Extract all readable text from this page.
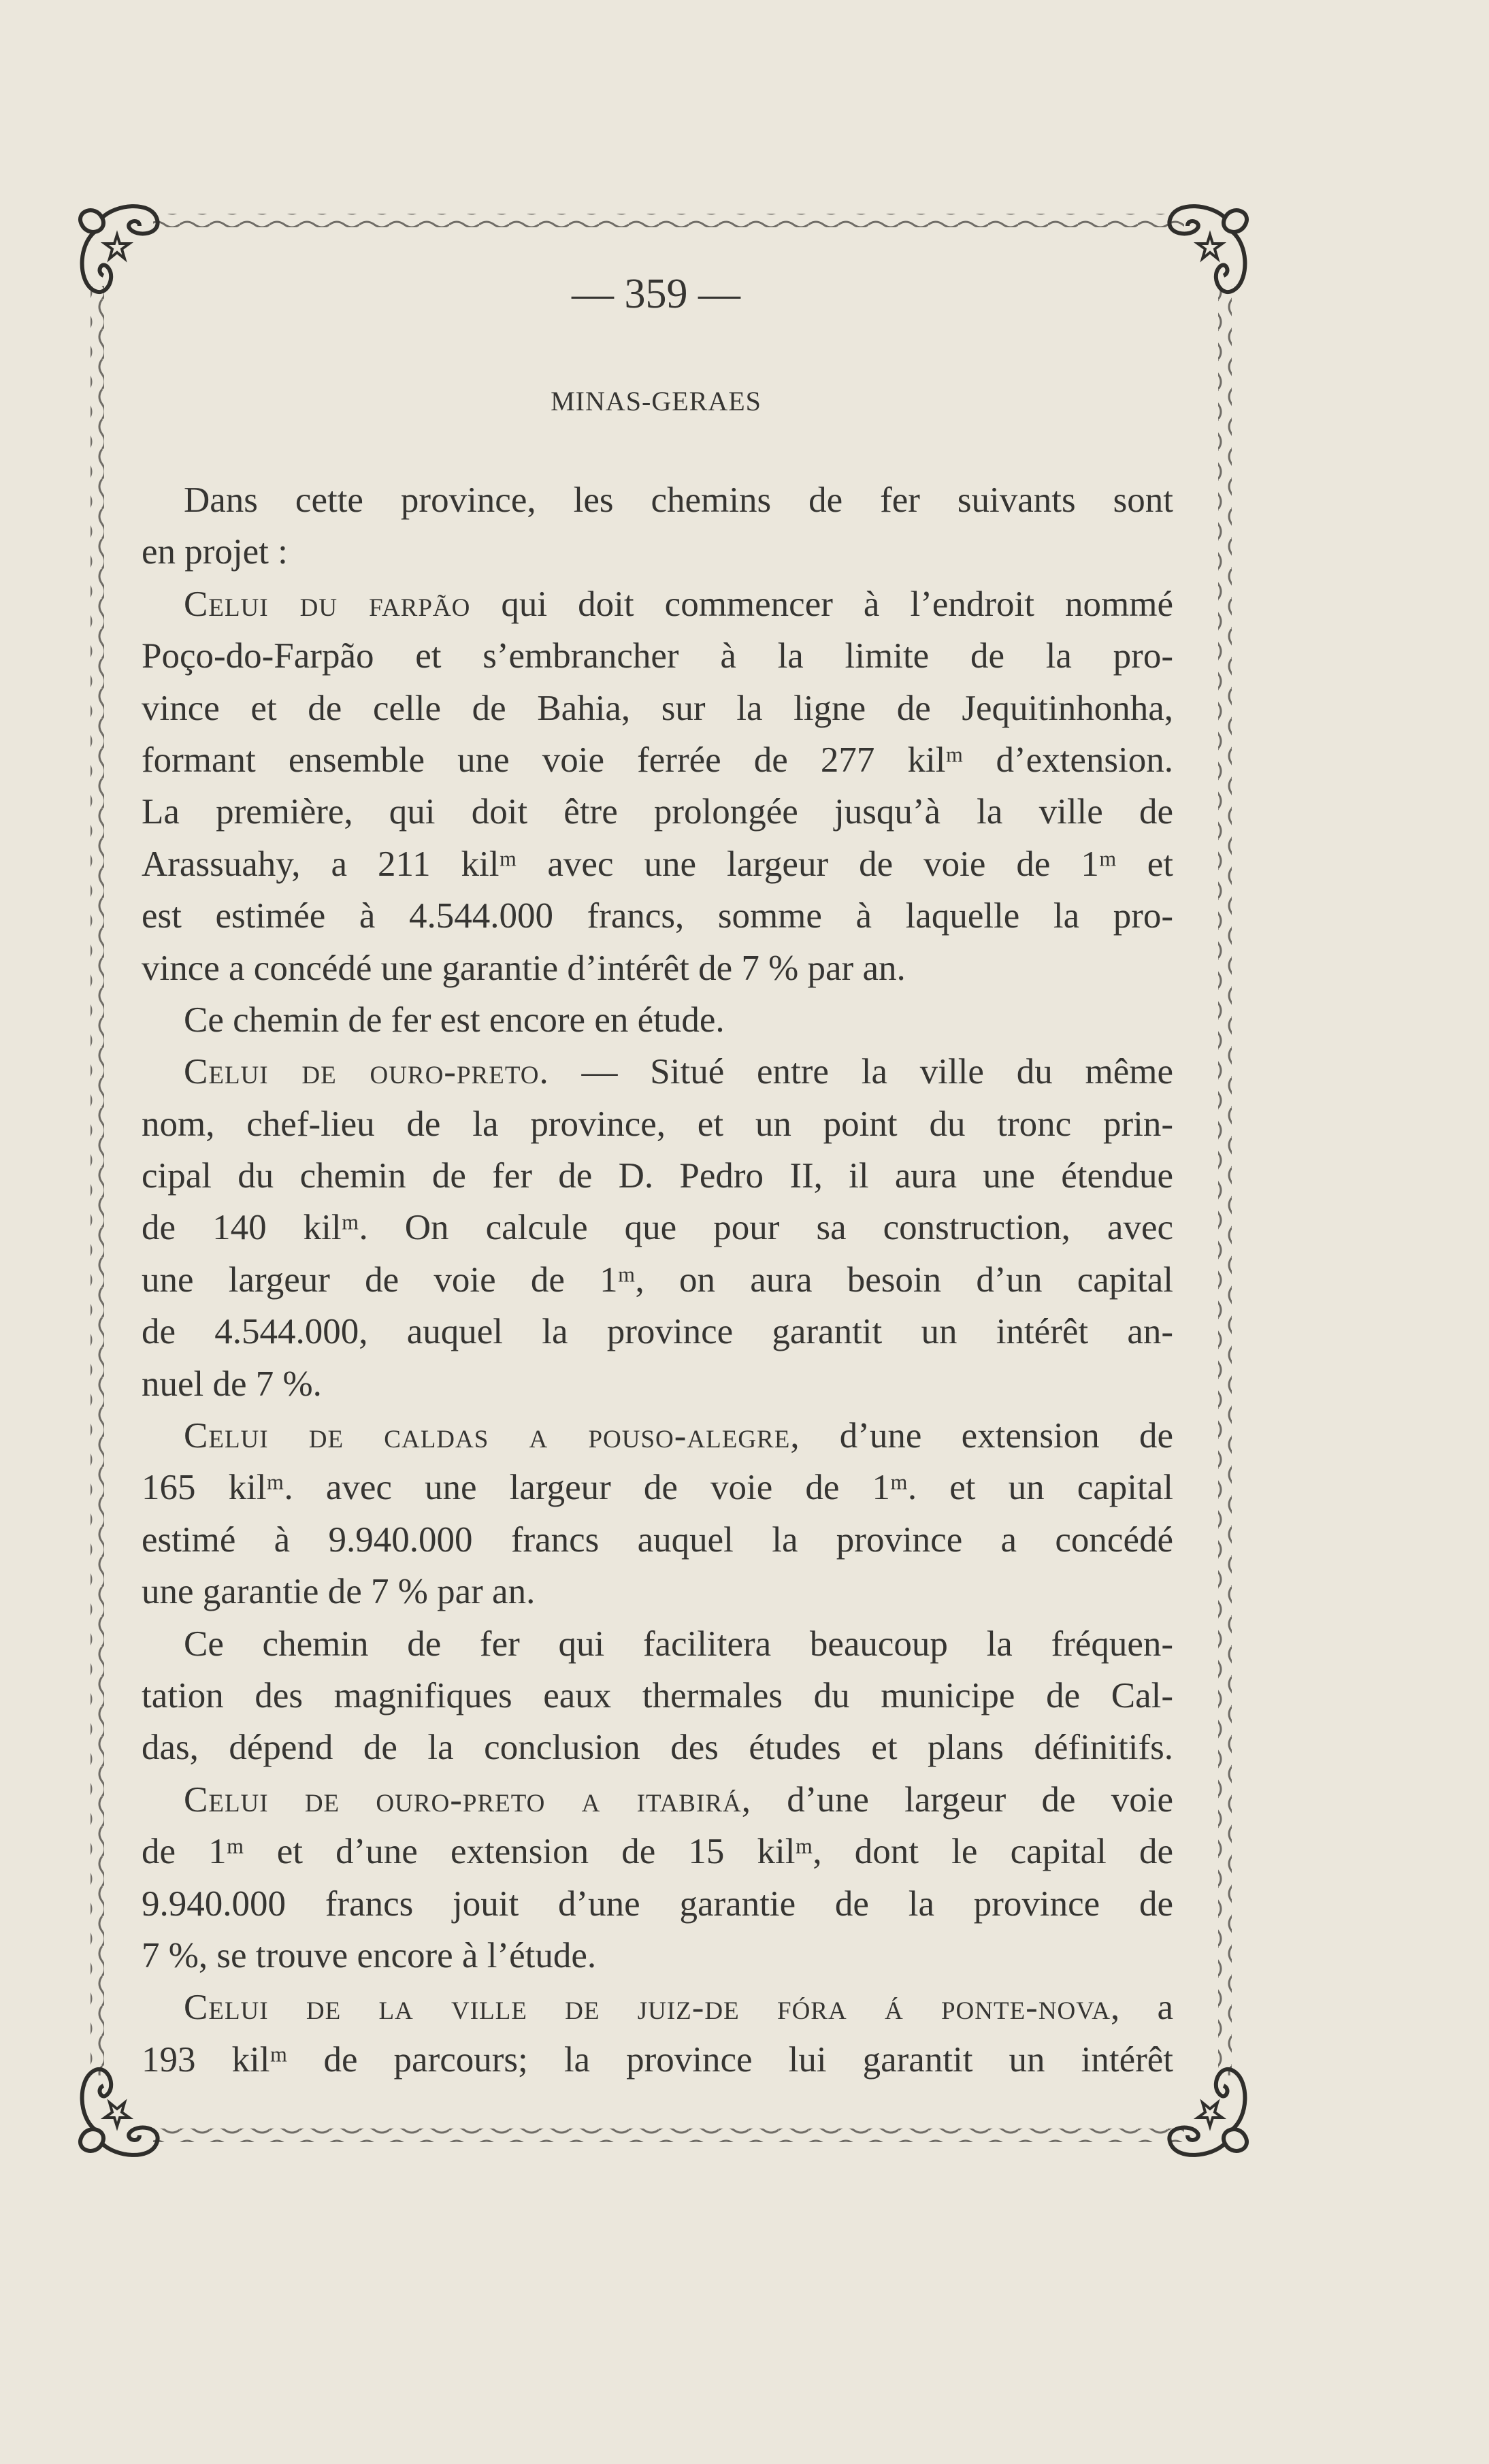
— 359 —
MINAS-GERAES
Dans cette province, les chemins de fer suivants sont
en projet :
Celui du farpão qui doit commencer à l’endroit nommé
Poço-do-Farpão et s’embrancher à la limite de la pro-
vince et de celle de Bahia, sur la ligne de Jequitinhonha,
formant ensemble une voie ferrée de 277 kilᵐ d’extension.
La première, qui doit être prolongée jusqu’à la ville de
Arassuahy, a 211 kilᵐ avec une largeur de voie de 1ᵐ et
est estimée à 4.544.000 francs, somme à laquelle la pro-
vince a concédé une garantie d’intérêt de 7 % par an.
Ce chemin de fer est encore en étude.
Celui de ouro-preto. — Situé entre la ville du même
nom, chef-lieu de la province, et un point du tronc prin-
cipal du chemin de fer de D. Pedro II, il aura une étendue
de 140 kilᵐ. On calcule que pour sa construction, avec
une largeur de voie de 1ᵐ, on aura besoin d’un capital
de 4.544.000, auquel la province garantit un intérêt an-
nuel de 7 %.
Celui de caldas a pouso-alegre, d’une extension de
165 kilᵐ. avec une largeur de voie de 1ᵐ. et un capital
estimé à 9.940.000 francs auquel la province a concédé
une garantie de 7 % par an.
Ce chemin de fer qui facilitera beaucoup la fréquen-
tation des magnifiques eaux thermales du municipe de Cal-
das, dépend de la conclusion des études et plans définitifs.
Celui de ouro-preto a itabirá, d’une largeur de voie
de 1ᵐ et d’une extension de 15 kilᵐ, dont le capital de
9.940.000 francs jouit d’une garantie de la province de
7 %, se trouve encore à l’étude.
Celui de la ville de juiz-de fóra á ponte-nova, a
193 kilᵐ de parcours; la province lui garantit un intérêt
